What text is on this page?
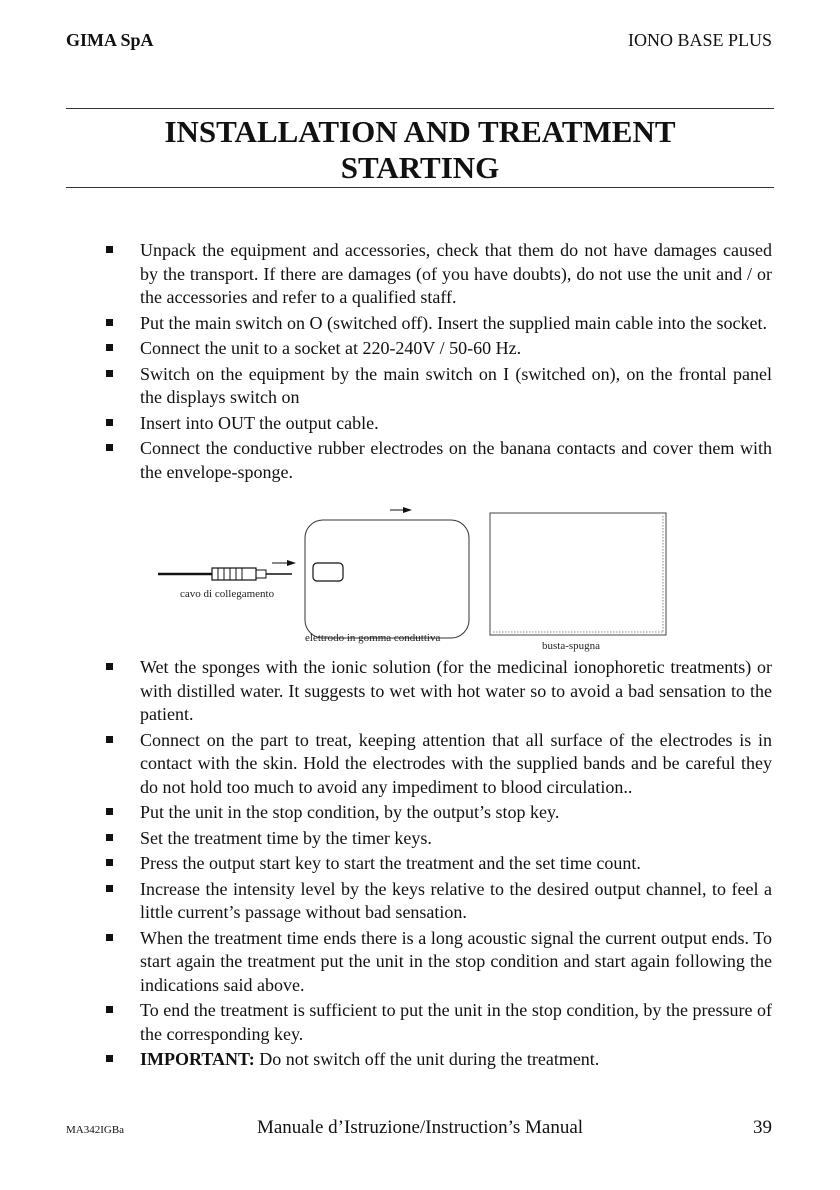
GIMA SpA	IONO BASE PLUS
INSTALLATION AND TREATMENT
STARTING
Unpack the equipment and accessories, check that them do not have damages caused by the transport. If there are damages (of you have doubts), do not use the unit and / or the accessories and refer to a qualified staff.
Put the main switch on O (switched off). Insert the supplied main cable into the socket.
Connect the unit to a socket at 220-240V / 50-60 Hz.
Switch on the equipment by the main switch on I (switched on), on the frontal panel the displays switch on
Insert into OUT the output cable.
Connect the conductive rubber electrodes on the banana contacts and cover them with the envelope-sponge.
cavo di collegamento
elettrodo in gomma conduttiva
busta-spugna
Wet the sponges with the ionic solution (for the medicinal ionophoretic treatments) or with distilled water. It suggests to wet with hot water so to avoid a bad sensation to the patient.
Connect on the part to treat, keeping attention that all surface of the electrodes is in contact with the skin. Hold the electrodes with the supplied bands and be careful they do not hold too much to avoid any impediment to blood circulation..
Put the unit in the stop condition, by the output’s stop key.
Set the treatment time by the timer keys.
Press the output start key to start the treatment and the set time count.
Increase the intensity level by the keys relative to the desired output channel, to feel a little current’s passage without bad sensation.
When the treatment time ends there is a long acoustic signal the current output ends. To start again the treatment put the unit in the stop condition and start again following the indications said above.
To end the treatment is sufficient to put the unit in the stop condition, by the pressure of the corresponding key.
IMPORTANT: Do not switch off the unit during the treatment.
MA342IGBa	Manuale d’Istruzione/Instruction’s Manual	39
